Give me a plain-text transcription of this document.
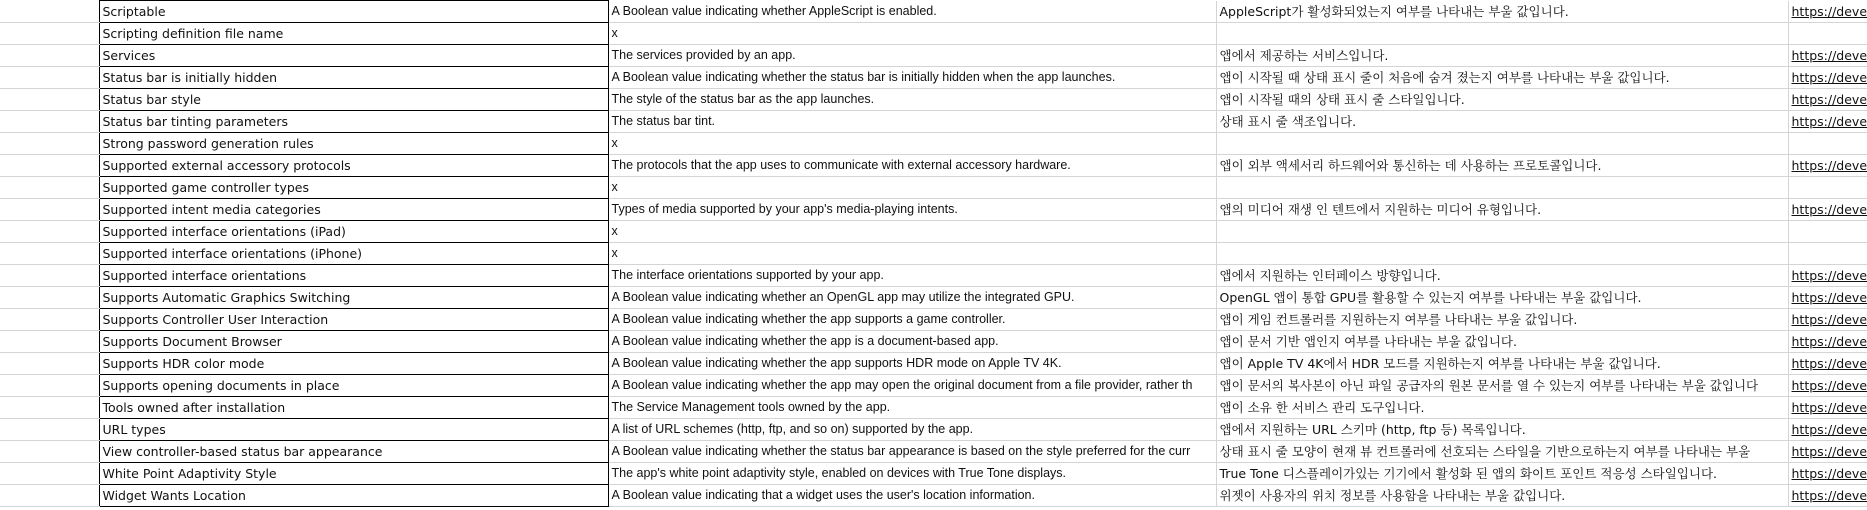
	Scriptable	A Boolean value indicating whether AppleScript is enabled.	AppleScript가 활성화되었는지 여부를 나타내는 부울 값입니다.	https://deve
	Scripting definition file name	x		
	Services	The services provided by an app.	앱에서 제공하는 서비스입니다.	https://deve
	Status bar is initially hidden	A Boolean value indicating whether the status bar is initially hidden when the app launches.	앱이 시작될 때 상태 표시 줄이 처음에 숨겨 졌는지 여부를 나타내는 부울 값입니다.	https://deve
	Status bar style	The style of the status bar as the app launches.	앱이 시작될 때의 상태 표시 줄 스타일입니다.	https://deve
	Status bar tinting parameters	The status bar tint.	상태 표시 줄 색조입니다.	https://deve
	Strong password generation rules	x		
	Supported external accessory protocols	The protocols that the app uses to communicate with external accessory hardware.	앱이 외부 액세서리 하드웨어와 통신하는 데 사용하는 프로토콜입니다.	https://deve
	Supported game controller types	x		
	Supported intent media categories	Types of media supported by your app's media-playing intents.	앱의 미디어 재생 인 텐트에서 지원하는 미디어 유형입니다.	https://deve
	Supported interface orientations (iPad)	x		
	Supported interface orientations (iPhone)	x		
	Supported interface orientations	The interface orientations supported by your app.	앱에서 지원하는 인터페이스 방향입니다.	https://deve
	Supports Automatic Graphics Switching	A Boolean value indicating whether an OpenGL app may utilize the integrated GPU.	OpenGL 앱이 통합 GPU를 활용할 수 있는지 여부를 나타내는 부울 값입니다.	https://deve
	Supports Controller User Interaction	A Boolean value indicating whether the app supports a game controller.	앱이 게임 컨트롤러를 지원하는지 여부를 나타내는 부울 값입니다.	https://deve
	Supports Document Browser	A Boolean value indicating whether the app is a document-based app.	앱이 문서 기반 앱인지 여부를 나타내는 부울 값입니다.	https://deve
	Supports HDR color mode	A Boolean value indicating whether the app supports HDR mode on Apple TV 4K.	앱이 Apple TV 4K에서 HDR 모드를 지원하는지 여부를 나타내는 부울 값입니다.	https://deve
	Supports opening documents in place	A Boolean value indicating whether the app may open the original document from a file provider, rather th	앱이 문서의 복사본이 아닌 파일 공급자의 원본 문서를 열 수 있는지 여부를 나타내는 부울 값입니다	https://deve
	Tools owned after installation	The Service Management tools owned by the app.	앱이 소유 한 서비스 관리 도구입니다.	https://deve
	URL types	A list of URL schemes (http, ftp, and so on) supported by the app.	앱에서 지원하는 URL 스키마 (http, ftp 등) 목록입니다.	https://deve
	View controller-based status bar appearance	A Boolean value indicating whether the status bar appearance is based on the style preferred for the curr	상태 표시 줄 모양이 현재 뷰 컨트롤러에 선호되는 스타일을 기반으로하는지 여부를 나타내는 부울	https://deve
	White Point Adaptivity Style	The app's white point adaptivity style, enabled on devices with True Tone displays.	True Tone 디스플레이가있는 기기에서 활성화 된 앱의 화이트 포인트 적응성 스타일입니다.	https://deve
	Widget Wants Location	A Boolean value indicating that a widget uses the user's location information.	위젯이 사용자의 위치 정보를 사용함을 나타내는 부울 값입니다.	https://deve
